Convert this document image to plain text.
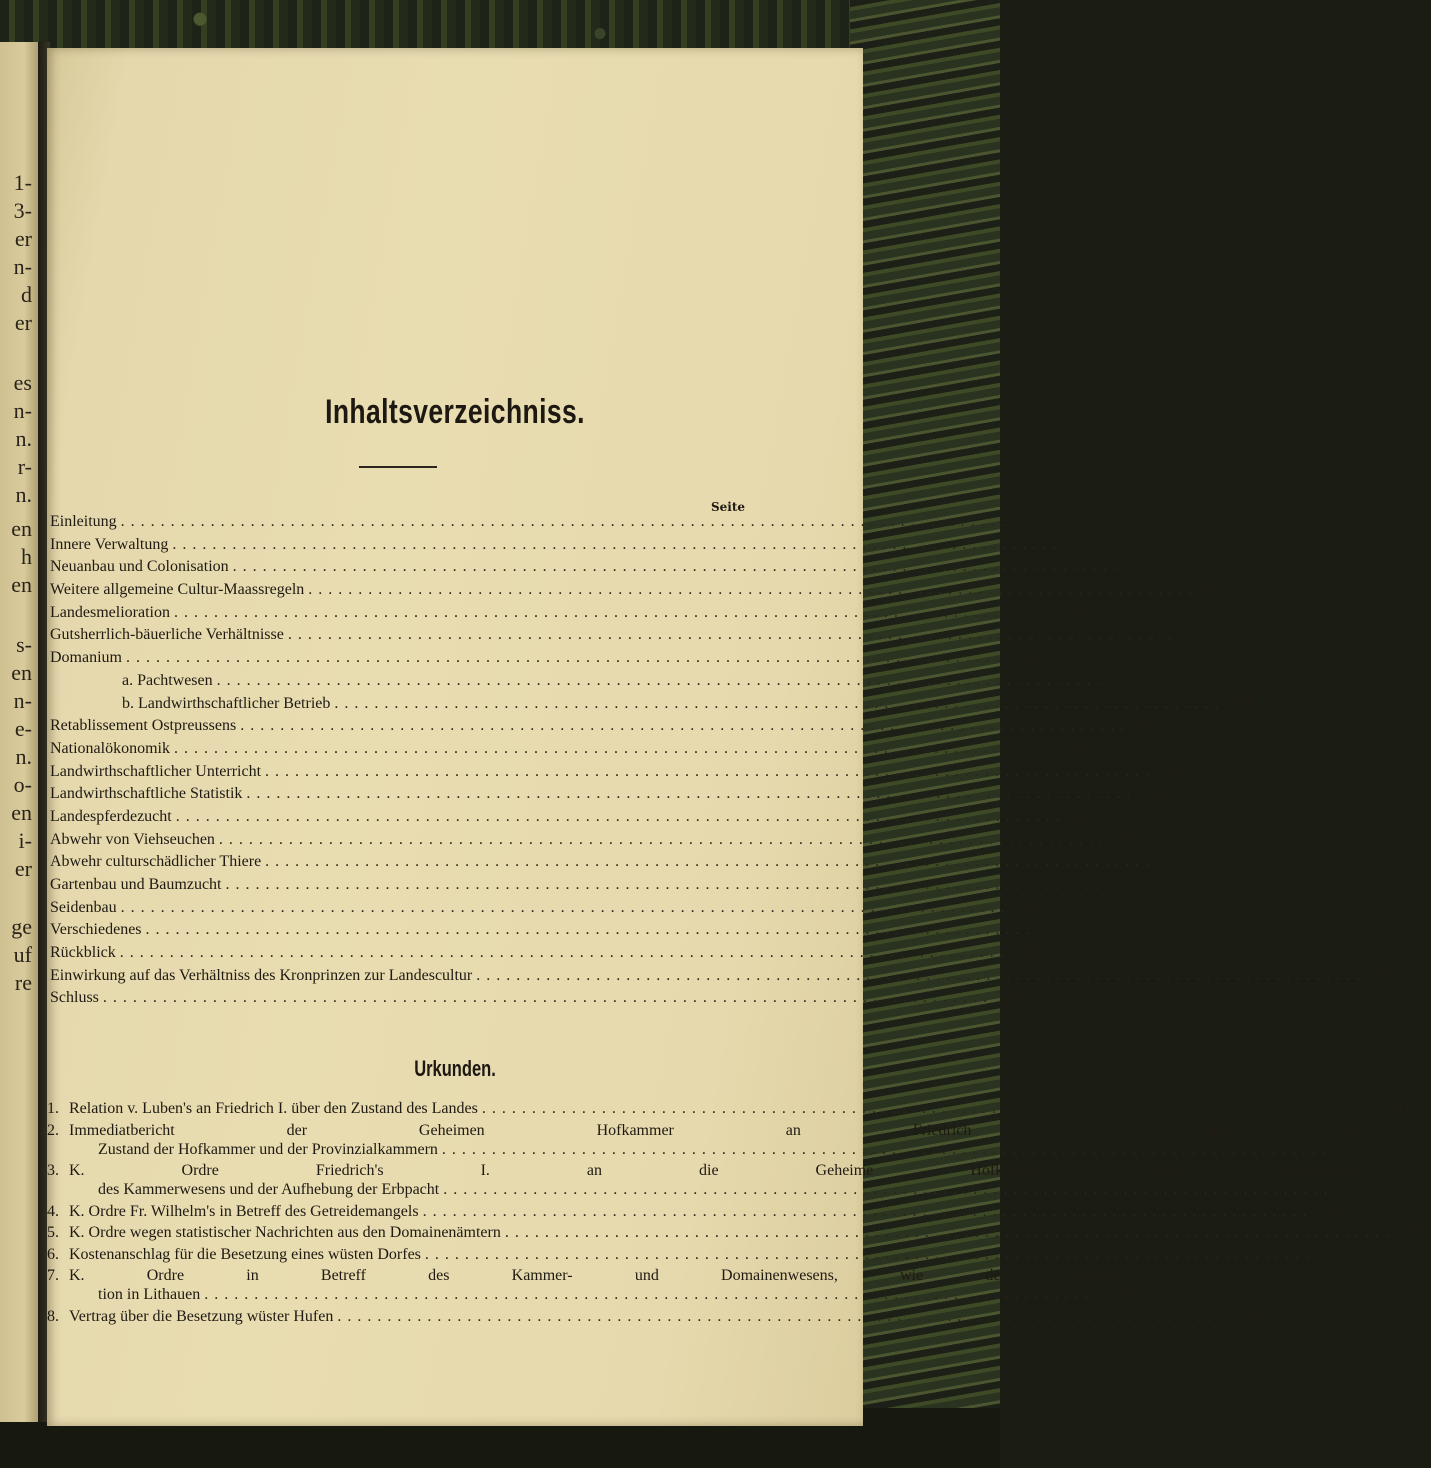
1-
3-
er
n-
d
er
es
n-
n.
r-
n.
en
h
en
s-
en
n-
e-
n.
o-
en
i-
er
ge
uf
re
Inhaltsverzeichniss.
Seite
Einleitung ......................................................................................... 1
Innere Verwaltung ......................................................................................... 25
Neuanbau und Colonisation ......................................................................................... 32
Weitere allgemeine Cultur-Maassregeln ......................................................................................... 50
Landesmelioration ......................................................................................... 62
Gutsherrlich-bäuerliche Verhältnisse ......................................................................................... 73
Domanium ......................................................................................... 85
a. Pachtwesen ......................................................................................... —
b. Landwirthschaftlicher Betrieb ......................................................................................... 128
Retablissement Ostpreussens ......................................................................................... 140
Nationalökonomik ......................................................................................... 145
Landwirthschaftlicher Unterricht ......................................................................................... 155
Landwirthschaftliche Statistik ......................................................................................... 159
Landespferdezucht ......................................................................................... 161
Abwehr von Viehseuchen ......................................................................................... 166
Abwehr culturschädlicher Thiere ......................................................................................... 171
Gartenbau und Baumzucht ......................................................................................... 176
Seidenbau ......................................................................................... 181
Verschiedenes ......................................................................................... 183
Rückblick ......................................................................................... 188
Einwirkung auf das Verhältniss des Kronprinzen zur Landescultur ......................................................................................... 195
Schluss ......................................................................................... 207
Urkunden.
1. Relation v. Luben's an Friedrich I. über den Zustand des Landes ......................................................................................... 211
2. Immediatbericht der Geheimen Hofkammer an Friedrich I. über den
Zustand der Hofkammer und der Provinzialkammern ......................................................................................... 228
3. K. Ordre Friedrich's I. an die Geheime Hofkammer wegen Verbesserung
des Kammerwesens und der Aufhebung der Erbpacht ......................................................................................... 231
4. K. Ordre Fr. Wilhelm's in Betreff des Getreidemangels ......................................................................................... 232
5. K. Ordre wegen statistischer Nachrichten aus den Domainenämtern ......................................................................................... 233
6. Kostenanschlag für die Besetzung eines wüsten Dorfes .........................................................................................	—
7. K. Ordre in Betreff des Kammer- und Domainenwesens, wie der Colonisa-
tion in Lithauen ......................................................................................... 234
8. Vertrag über die Besetzung wüster Hufen ......................................................................................... 239
